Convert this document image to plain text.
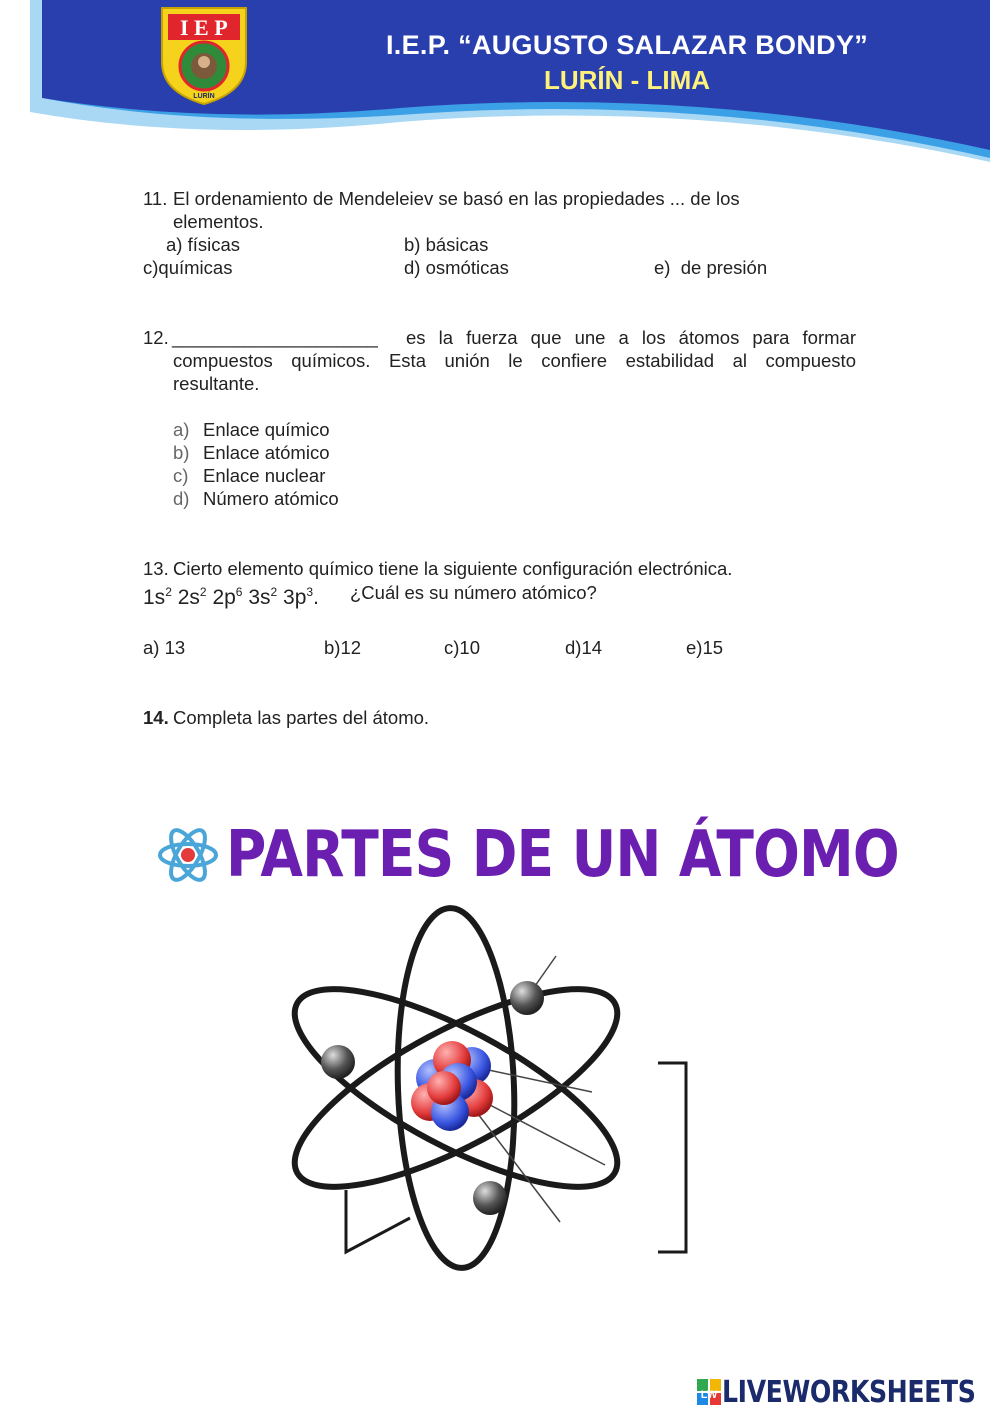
I E P
LURÍN
I.E.P. “AUGUSTO SALAZAR BONDY”
LURÍN - LIMA
11. El ordenamiento de Mendeleiev se basó en las propiedades ... de los
elementos.
a) físicas	b) básicas
c)químicas	d) osmóticas	e)  de presión
12. ____________________ es la fuerza que une a los átomos para formar
compuestos químicos. Esta unión le confiere estabilidad al compuesto
resultante.
a) Enlace químico
b) Enlace atómico
c) Enlace nuclear
d) Número atómico
13. Cierto elemento químico tiene la siguiente configuración electrónica.
$1s^2$ $2s^2$ $2p^6$ $3s^2$ $3p^3$. ¿Cuál es su número atómico?
a) 13	b)12	c)10	d)14	e)15
14. Completa las partes del átomo.
PARTES DE UN ÁTOMO
LW LIVEWORKSHEETS
